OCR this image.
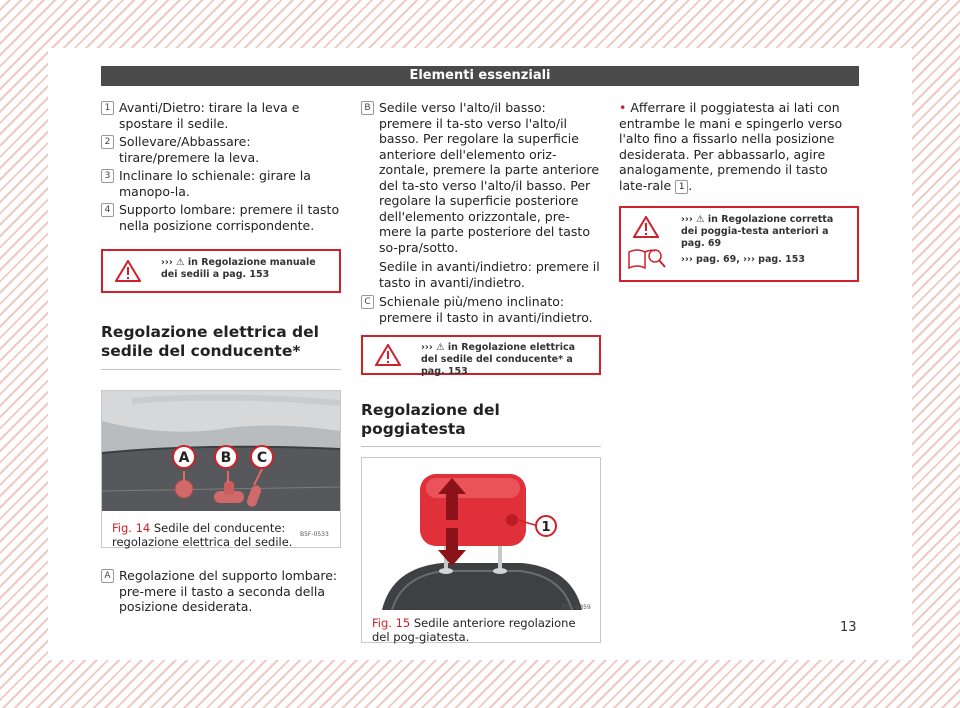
Elementi essenziali
1 Avanti/Dietro: tirare la leva e spostare il sedile.
2 Sollevare/Abbassare: tirare/premere la leva.
3 Inclinare lo schienale: girare la manopo-la.
4 Supporto lombare: premere il tasto nella posizione corrispondente.
››› ⚠ in Regolazione manuale dei sedili a pag. 153
Regolazione elettrica del sedile del conducente*
A B C
B5F-0533
Fig. 14 Sedile del conducente: regolazione elettrica del sedile.
A Regolazione del supporto lombare: pre-mere il tasto a seconda della posizione desiderata.
B Sedile verso l'alto/il basso: premere il ta-sto verso l'alto/il basso. Per regolare la superficie anteriore dell'elemento oriz-zontale, premere la parte anteriore del ta-sto verso l'alto/il basso. Per regolare la superficie posteriore dell'elemento orizzontale, pre-mere la parte posteriore del tasto so-pra/sotto.
Sedile in avanti/indietro: premere il tasto in avanti/indietro.
C Schienale più/meno inclinato: premere il tasto in avanti/indietro.
››› ⚠ in Regolazione elettrica del sedile del conducente* a pag. 153
Regolazione del poggiatesta
1
B5F-0359
Fig. 15 Sedile anteriore regolazione del pog-giatesta.
• Afferrare il poggiatesta ai lati con entrambe le mani e spingerlo verso l'alto fino a fissarlo nella posizione desiderata. Per abbassarlo, agire analogamente, premendo il tasto late-rale 1 .
››› ⚠ in Regolazione corretta dei poggia-testa anteriori a pag. 69
››› pag. 69, ››› pag. 153
13
